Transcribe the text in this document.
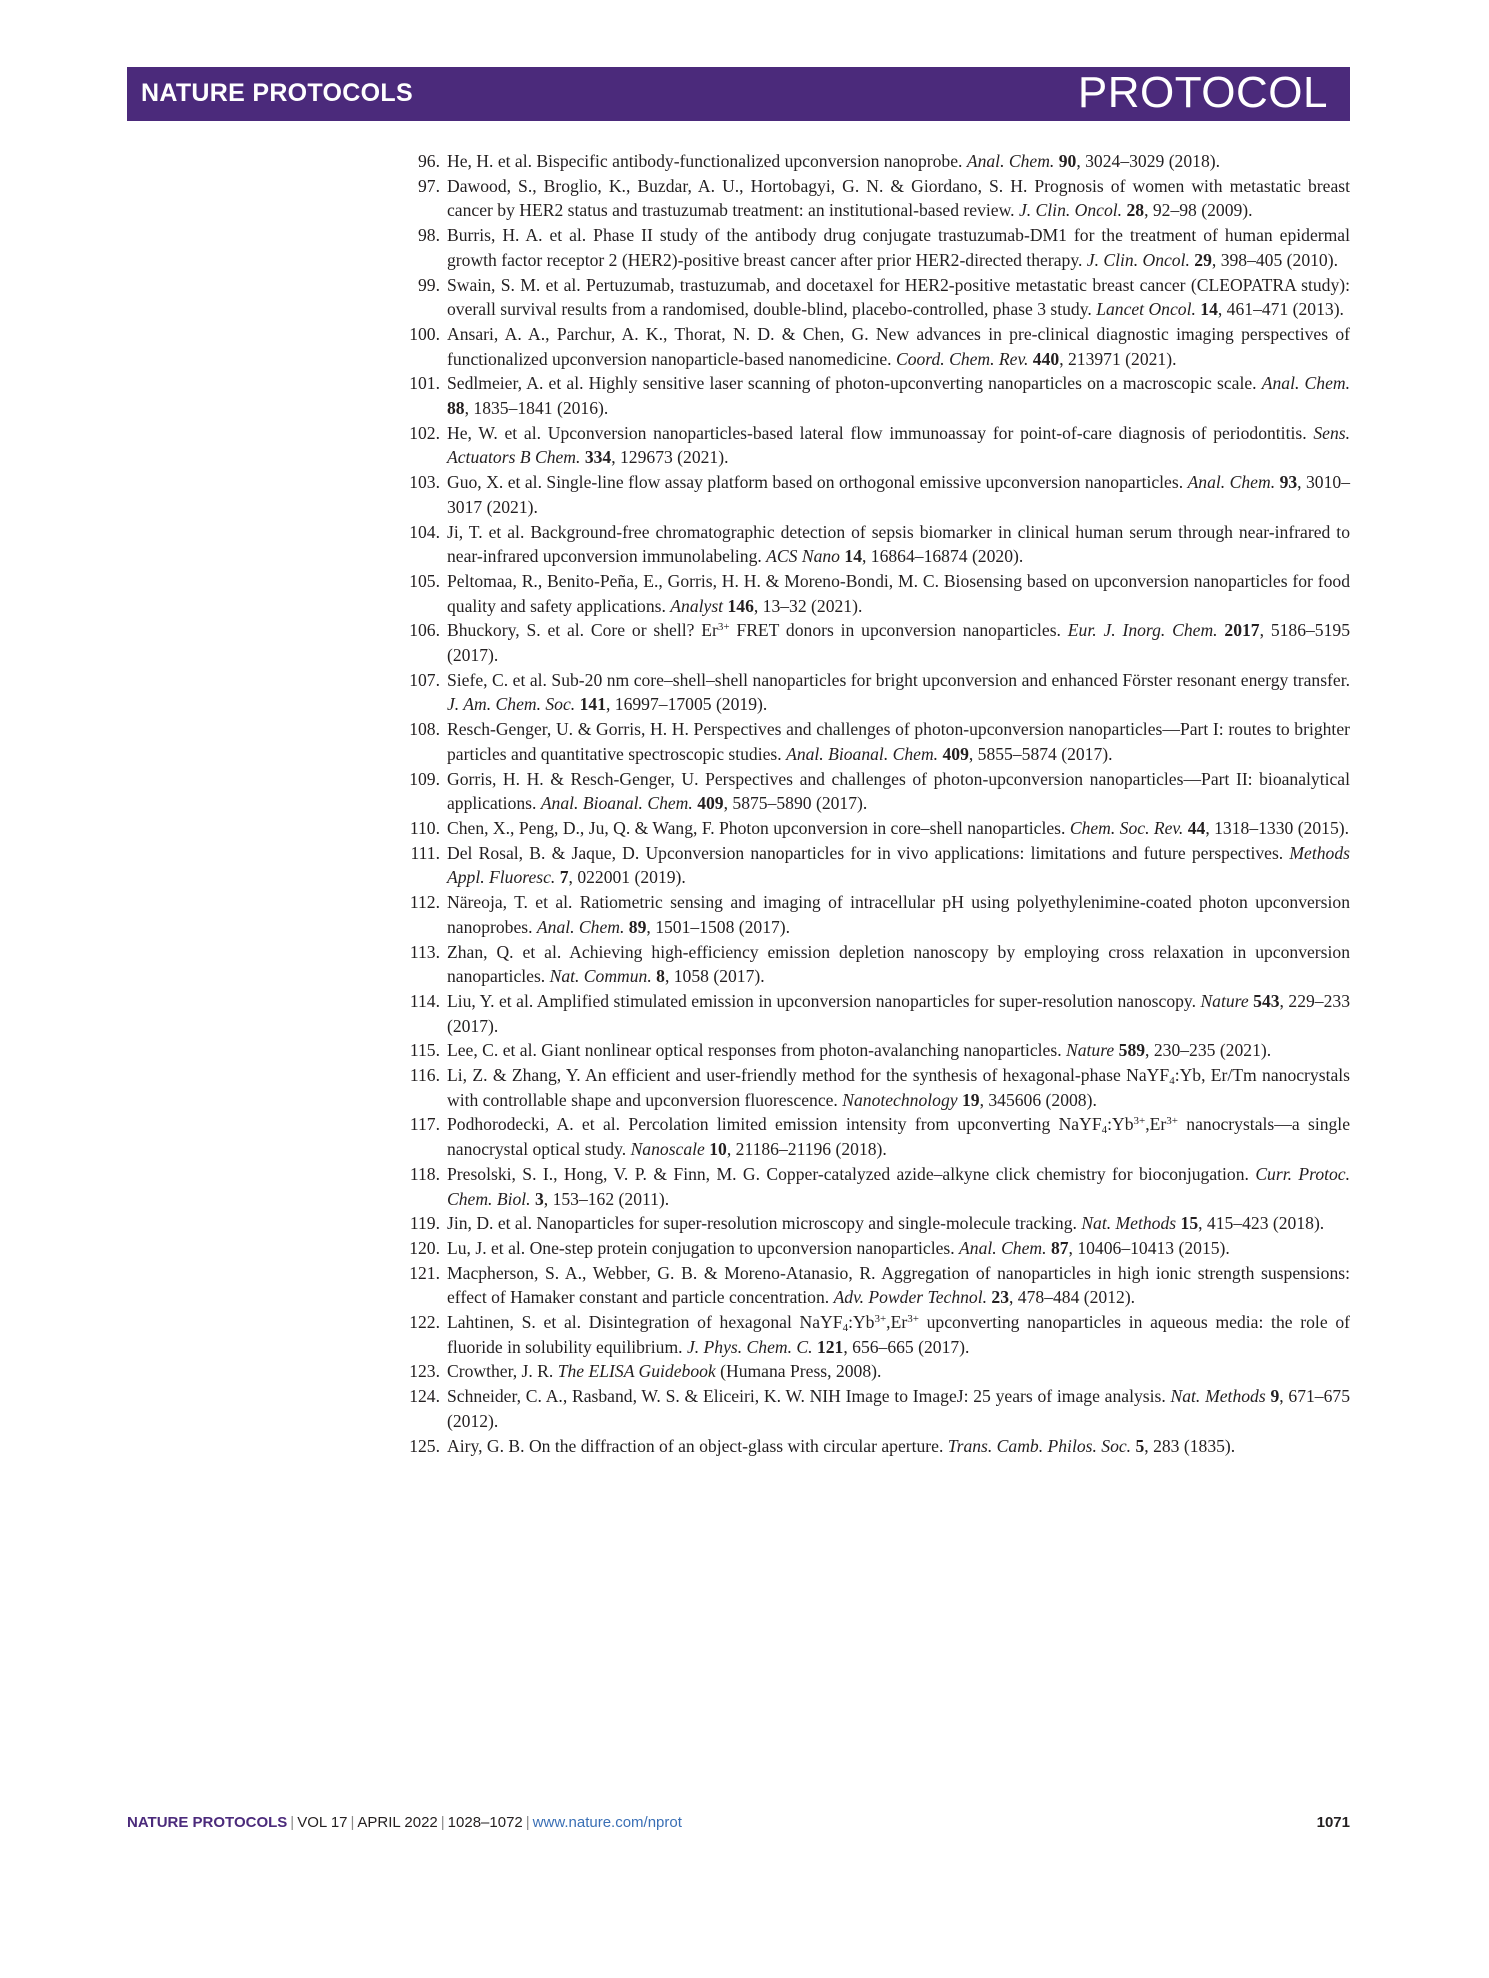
NATURE PROTOCOLS	PROTOCOL
96. He, H. et al. Bispecific antibody-functionalized upconversion nanoprobe. Anal. Chem. 90, 3024–3029 (2018).
97. Dawood, S., Broglio, K., Buzdar, A. U., Hortobagyi, G. N. & Giordano, S. H. Prognosis of women with metastatic breast cancer by HER2 status and trastuzumab treatment: an institutional-based review. J. Clin. Oncol. 28, 92–98 (2009).
98. Burris, H. A. et al. Phase II study of the antibody drug conjugate trastuzumab-DM1 for the treatment of human epidermal growth factor receptor 2 (HER2)-positive breast cancer after prior HER2-directed therapy. J. Clin. Oncol. 29, 398–405 (2010).
99. Swain, S. M. et al. Pertuzumab, trastuzumab, and docetaxel for HER2-positive metastatic breast cancer (CLEOPATRA study): overall survival results from a randomised, double-blind, placebo-controlled, phase 3 study. Lancet Oncol. 14, 461–471 (2013).
100. Ansari, A. A., Parchur, A. K., Thorat, N. D. & Chen, G. New advances in pre-clinical diagnostic imaging perspectives of functionalized upconversion nanoparticle-based nanomedicine. Coord. Chem. Rev. 440, 213971 (2021).
101. Sedlmeier, A. et al. Highly sensitive laser scanning of photon-upconverting nanoparticles on a macroscopic scale. Anal. Chem. 88, 1835–1841 (2016).
102. He, W. et al. Upconversion nanoparticles-based lateral flow immunoassay for point-of-care diagnosis of periodontitis. Sens. Actuators B Chem. 334, 129673 (2021).
103. Guo, X. et al. Single-line flow assay platform based on orthogonal emissive upconversion nanoparticles. Anal. Chem. 93, 3010–3017 (2021).
104. Ji, T. et al. Background-free chromatographic detection of sepsis biomarker in clinical human serum through near-infrared to near-infrared upconversion immunolabeling. ACS Nano 14, 16864–16874 (2020).
105. Peltomaa, R., Benito-Peña, E., Gorris, H. H. & Moreno-Bondi, M. C. Biosensing based on upconversion nanoparticles for food quality and safety applications. Analyst 146, 13–32 (2021).
106. Bhuckory, S. et al. Core or shell? $Er^{3+}$ FRET donors in upconversion nanoparticles. Eur. J. Inorg. Chem. 2017, 5186–5195 (2017).
107. Siefe, C. et al. Sub-20 nm core–shell–shell nanoparticles for bright upconversion and enhanced Förster resonant energy transfer. J. Am. Chem. Soc. 141, 16997–17005 (2019).
108. Resch-Genger, U. & Gorris, H. H. Perspectives and challenges of photon-upconversion nanoparticles—Part I: routes to brighter particles and quantitative spectroscopic studies. Anal. Bioanal. Chem. 409, 5855–5874 (2017).
109. Gorris, H. H. & Resch-Genger, U. Perspectives and challenges of photon-upconversion nanoparticles—Part II: bioanalytical applications. Anal. Bioanal. Chem. 409, 5875–5890 (2017).
110. Chen, X., Peng, D., Ju, Q. & Wang, F. Photon upconversion in core–shell nanoparticles. Chem. Soc. Rev. 44, 1318–1330 (2015).
111. Del Rosal, B. & Jaque, D. Upconversion nanoparticles for in vivo applications: limitations and future perspectives. Methods Appl. Fluoresc. 7, 022001 (2019).
112. Näreoja, T. et al. Ratiometric sensing and imaging of intracellular pH using polyethylenimine-coated photon upconversion nanoprobes. Anal. Chem. 89, 1501–1508 (2017).
113. Zhan, Q. et al. Achieving high-efficiency emission depletion nanoscopy by employing cross relaxation in upconversion nanoparticles. Nat. Commun. 8, 1058 (2017).
114. Liu, Y. et al. Amplified stimulated emission in upconversion nanoparticles for super-resolution nanoscopy. Nature 543, 229–233 (2017).
115. Lee, C. et al. Giant nonlinear optical responses from photon-avalanching nanoparticles. Nature 589, 230–235 (2021).
116. Li, Z. & Zhang, Y. An efficient and user-friendly method for the synthesis of hexagonal-phase NaYF$_4$:Yb, Er/Tm nanocrystals with controllable shape and upconversion fluorescence. Nanotechnology 19, 345606 (2008).
117. Podhorodecki, A. et al. Percolation limited emission intensity from upconverting $NaYF_4:Yb^{3+},Er^{3+}$ nanocrystals—a single nanocrystal optical study. Nanoscale 10, 21186–21196 (2018).
118. Presolski, S. I., Hong, V. P. & Finn, M. G. Copper-catalyzed azide–alkyne click chemistry for bioconjugation. Curr. Protoc. Chem. Biol. 3, 153–162 (2011).
119. Jin, D. et al. Nanoparticles for super-resolution microscopy and single-molecule tracking. Nat. Methods 15, 415–423 (2018).
120. Lu, J. et al. One-step protein conjugation to upconversion nanoparticles. Anal. Chem. 87, 10406–10413 (2015).
121. Macpherson, S. A., Webber, G. B. & Moreno-Atanasio, R. Aggregation of nanoparticles in high ionic strength suspensions: effect of Hamaker constant and particle concentration. Adv. Powder Technol. 23, 478–484 (2012).
122. Lahtinen, S. et al. Disintegration of hexagonal $NaYF_4:Yb^{3+},Er^{3+}$ upconverting nanoparticles in aqueous media: the role of fluoride in solubility equilibrium. J. Phys. Chem. C. 121, 656–665 (2017).
123. Crowther, J. R. The ELISA Guidebook (Humana Press, 2008).
124. Schneider, C. A., Rasband, W. S. & Eliceiri, K. W. NIH Image to ImageJ: 25 years of image analysis. Nat. Methods 9, 671–675 (2012).
125. Airy, G. B. On the diffraction of an object-glass with circular aperture. Trans. Camb. Philos. Soc. 5, 283 (1835).
NATURE PROTOCOLS | VOL 17 | APRIL 2022 | 1028–1072 | www.nature.com/nprot	1071
